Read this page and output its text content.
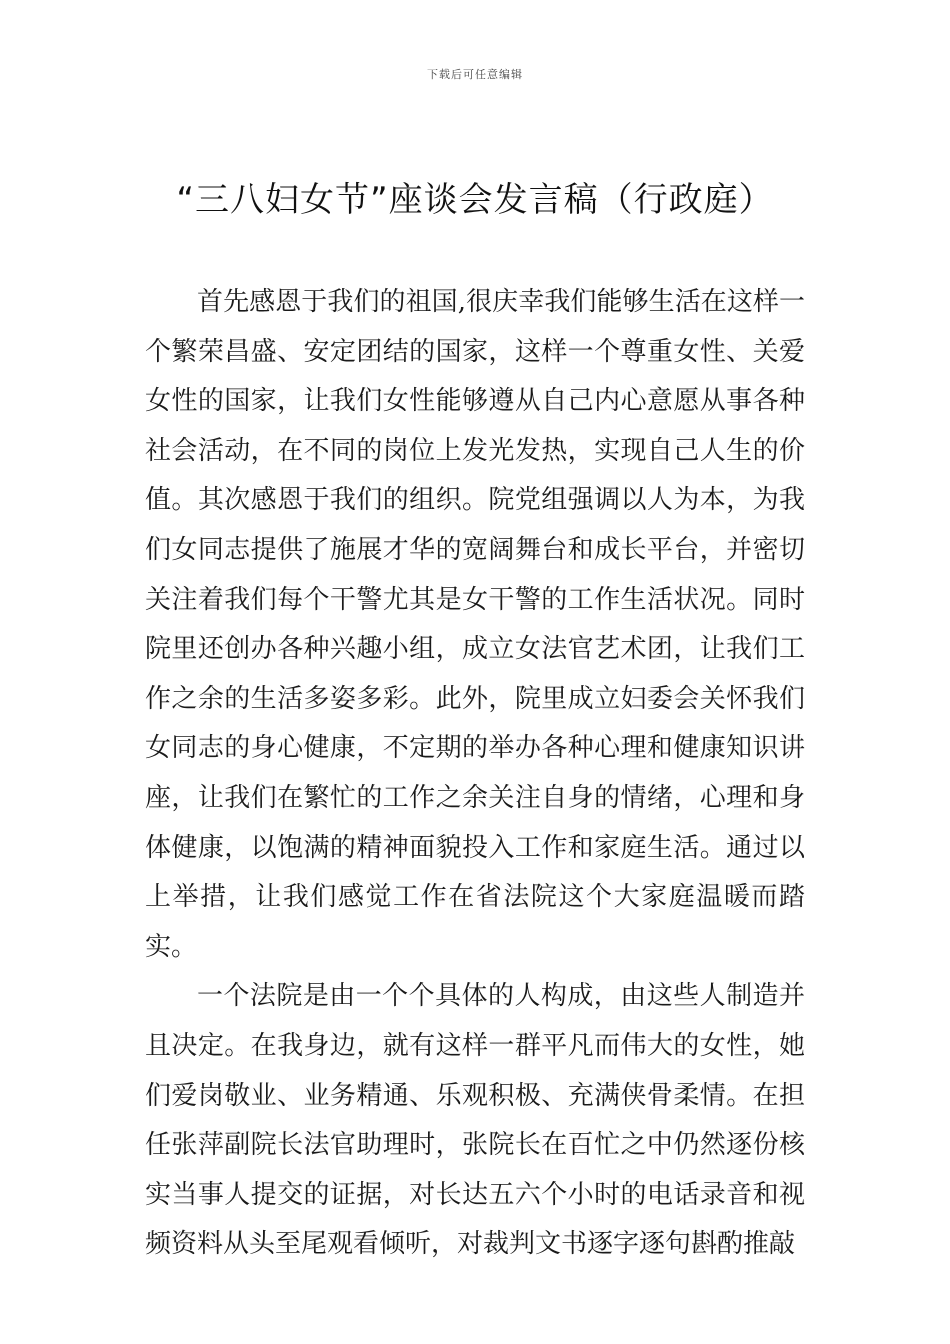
下载后可任意编辑
“三八妇女节”座谈会发言稿（行政庭）

首先感恩于我们的祖国,很庆幸我们能够生活在这样一个繁荣昌盛、安定团结的国家，这样一个尊重女性、关爱女性的国家，让我们女性能够遵从自己内心意愿从事各种社会活动，在不同的岗位上发光发热，实现自己人生的价值。其次感恩于我们的组织。院党组强调以人为本，为我们女同志提供了施展才华的宽阔舞台和成长平台，并密切关注着我们每个干警尤其是女干警的工作生活状况。同时院里还创办各种兴趣小组，成立女法官艺术团，让我们工作之余的生活多姿多彩。此外，院里成立妇委会关怀我们女同志的身心健康，不定期的举办各种心理和健康知识讲座，让我们在繁忙的工作之余关注自身的情绪，心理和身体健康，以饱满的精神面貌投入工作和家庭生活。通过以上举措，让我们感觉工作在省法院这个大家庭温暖而踏实。

一个法院是由一个个具体的人构成，由这些人制造并且决定。在我身边，就有这样一群平凡而伟大的女性，她们爱岗敬业、业务精通、乐观积极、充满侠骨柔情。在担任张萍副院长法官助理时，张院长在百忙之中仍然逐份核实当事人提交的证据，对长达五六个小时的电话录音和视频资料从头至尾观看倾听，对裁判文书逐字逐句斟酌推敲
